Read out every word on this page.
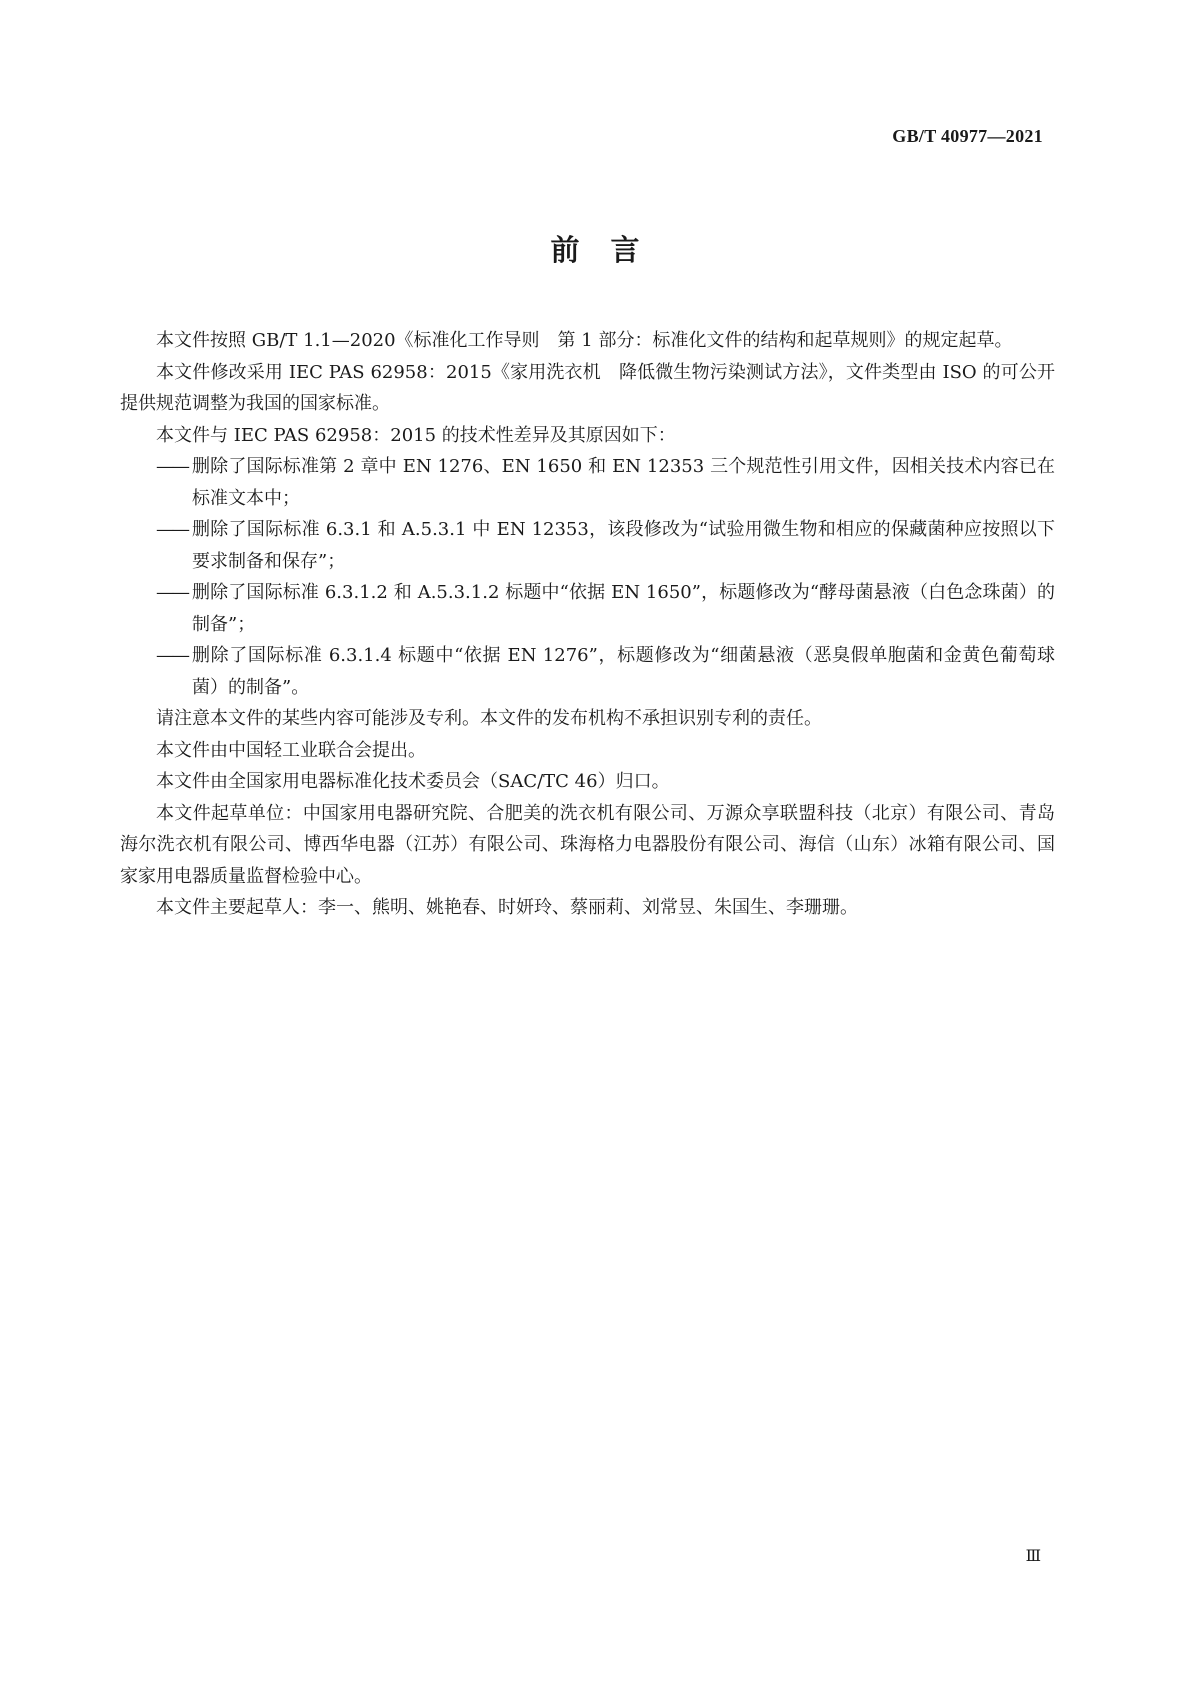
GB/T 40977—2021
前　言

本文件按照 GB/T 1.1—2020《标准化工作导则　第 1 部分：标准化文件的结构和起草规则》的规定起草。

本文件修改采用 IEC PAS 62958：2015《家用洗衣机　降低微生物污染测试方法》，文件类型由 ISO 的可公开提供规范调整为我国的国家标准。

本文件与 IEC PAS 62958：2015 的技术性差异及其原因如下：

—— 删除了国际标准第 2 章中 EN 1276、EN 1650 和 EN 12353 三个规范性引用文件，因相关技术内容已在标准文本中；
—— 删除了国际标准 6.3.1 和 A.5.3.1 中 EN 12353，该段修改为“试验用微生物和相应的保藏菌种应按照以下要求制备和保存”；
—— 删除了国际标准 6.3.1.2 和 A.5.3.1.2 标题中“依据 EN 1650”，标题修改为“酵母菌悬液（白色念珠菌）的制备”；
—— 删除了国际标准 6.3.1.4 标题中“依据 EN 1276”，标题修改为“细菌悬液（恶臭假单胞菌和金黄色葡萄球菌）的制备”。

请注意本文件的某些内容可能涉及专利。本文件的发布机构不承担识别专利的责任。

本文件由中国轻工业联合会提出。

本文件由全国家用电器标准化技术委员会（SAC/TC 46）归口。

本文件起草单位：中国家用电器研究院、合肥美的洗衣机有限公司、万源众享联盟科技（北京）有限公司、青岛海尔洗衣机有限公司、博西华电器（江苏）有限公司、珠海格力电器股份有限公司、海信（山东）冰箱有限公司、国家家用电器质量监督检验中心。

本文件主要起草人：李一、熊明、姚艳春、时妍玲、蔡丽莉、刘常昱、朱国生、李珊珊。

Ⅲ
